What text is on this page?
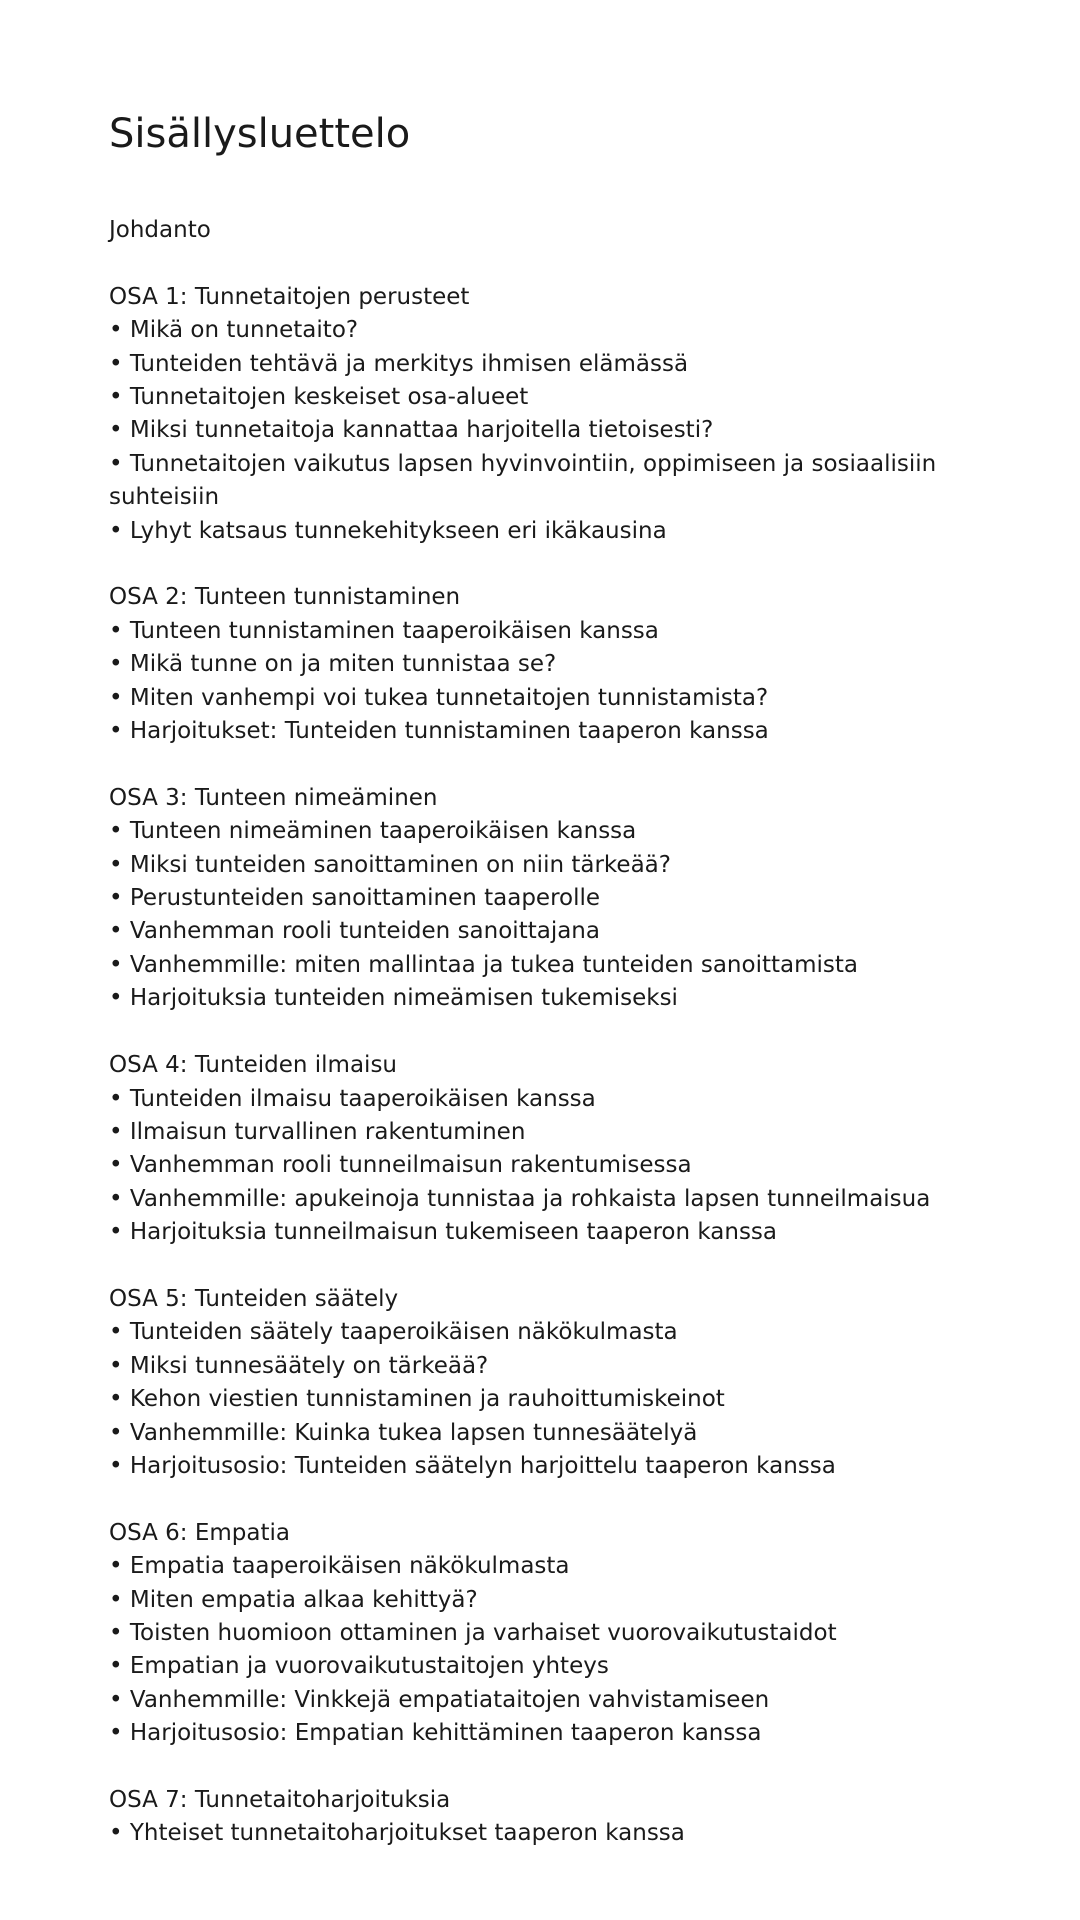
Sisällysluettelo
Johdanto
OSA 1: Tunnetaitojen perusteet
• Mikä on tunnetaito?
• Tunteiden tehtävä ja merkitys ihmisen elämässä
• Tunnetaitojen keskeiset osa-alueet
• Miksi tunnetaitoja kannattaa harjoitella tietoisesti?
• Tunnetaitojen vaikutus lapsen hyvinvointiin, oppimiseen ja sosiaalisiin suhteisiin
• Lyhyt katsaus tunnekehitykseen eri ikäkausina
OSA 2: Tunteen tunnistaminen
• Tunteen tunnistaminen taaperoikäisen kanssa
• Mikä tunne on ja miten tunnistaa se?
• Miten vanhempi voi tukea tunnetaitojen tunnistamista?
• Harjoitukset: Tunteiden tunnistaminen taaperon kanssa
OSA 3: Tunteen nimeäminen
• Tunteen nimeäminen taaperoikäisen kanssa
• Miksi tunteiden sanoittaminen on niin tärkeää?
• Perustunteiden sanoittaminen taaperolle
• Vanhemman rooli tunteiden sanoittajana
• Vanhemmille: miten mallintaa ja tukea tunteiden sanoittamista
• Harjoituksia tunteiden nimeämisen tukemiseksi
OSA 4: Tunteiden ilmaisu
• Tunteiden ilmaisu taaperoikäisen kanssa
• Ilmaisun turvallinen rakentuminen
• Vanhemman rooli tunneilmaisun rakentumisessa
• Vanhemmille: apukeinoja tunnistaa ja rohkaista lapsen tunneilmaisua
• Harjoituksia tunneilmaisun tukemiseen taaperon kanssa
OSA 5: Tunteiden säätely
• Tunteiden säätely taaperoikäisen näkökulmasta
• Miksi tunnesäätely on tärkeää?
• Kehon viestien tunnistaminen ja rauhoittumiskeinot
• Vanhemmille: Kuinka tukea lapsen tunnesäätelyä
• Harjoitusosio: Tunteiden säätelyn harjoittelu taaperon kanssa
OSA 6: Empatia
• Empatia taaperoikäisen näkökulmasta
• Miten empatia alkaa kehittyä?
• Toisten huomioon ottaminen ja varhaiset vuorovaikutustaidot
• Empatian ja vuorovaikutustaitojen yhteys
• Vanhemmille: Vinkkejä empatiataitojen vahvistamiseen
• Harjoitusosio: Empatian kehittäminen taaperon kanssa
OSA 7: Tunnetaitoharjoituksia
• Yhteiset tunnetaitoharjoitukset taaperon kanssa
